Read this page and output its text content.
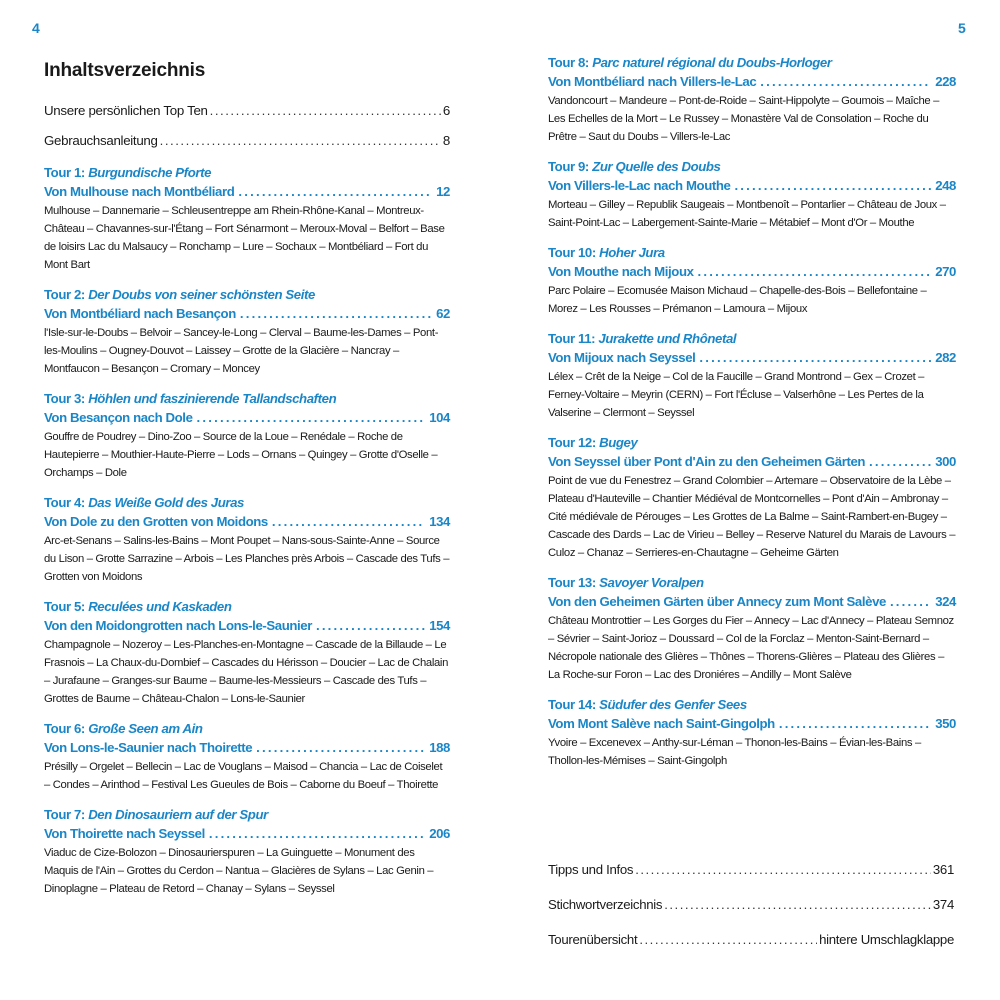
4	5
Inhaltsverzeichnis
Unsere persönlichen Top Ten .....	6
Gebrauchsanleitung .....	8
Tour 1: Burgundische Pforte
Von Mulhouse nach Montbéliard .....	12
Mulhouse – Dannemarie – Schleusentreppe am Rhein-Rhône-Kanal – Montreux-Château – Chavannes-sur-l'Étang – Fort Sénarmont – Meroux-Moval – Belfort – Base de loisirs Lac du Malsaucy – Ronchamp – Lure – Sochaux – Montbéliard – Fort du Mont Bart
Tour 2: Der Doubs von seiner schönsten Seite
Von Montbéliard nach Besançon .....	62
l'Isle-sur-le-Doubs – Belvoir – Sancey-le-Long – Clerval – Baume-les-Dames – Pont-les-Moulins – Ougney-Douvot – Laissey – Grotte de la Glacière – Nancray – Montfaucon – Besançon – Cromary – Moncey
Tour 3: Höhlen und faszinierende Tallandschaften
Von Besançon nach Dole .....	104
Gouffre de Poudrey – Dino-Zoo – Source de la Loue – Renédale – Roche de Hautepierre – Mouthier-Haute-Pierre – Lods – Ornans – Quingey – Grotte d'Oselle – Orchamps – Dole
Tour 4: Das Weiße Gold des Juras
Von Dole zu den Grotten von Moidons .....	134
Arc-et-Senans – Salins-les-Bains – Mont Poupet – Nans-sous-Sainte-Anne – Source du Lison – Grotte Sarrazine – Arbois – Les Planches près Arbois – Cascade des Tufs – Grotten von Moidons
Tour 5: Reculées und Kaskaden
Von den Moidongrotten nach Lons-le-Saunier .....	154
Champagnole – Nozeroy – Les-Planches-en-Montagne – Cascade de la Billaude – Le Frasnois – La Chaux-du-Dombief – Cascades du Hérisson – Doucier – Lac de Chalain – Jurafaune – Granges-sur Baume – Baume-les-Messieurs – Cascade des Tufs – Grottes de Baume – Château-Chalon – Lons-le-Saunier
Tour 6: Große Seen am Ain
Von Lons-le-Saunier nach Thoirette .....	188
Présilly – Orgelet – Bellecin – Lac de Vouglans – Maisod – Chancia – Lac de Coiselet – Condes – Arinthod – Festival Les Gueules de Bois – Caborne du Boeuf – Thoirette
Tour 7: Den Dinosauriern auf der Spur
Von Thoirette nach Seyssel .....	206
Viaduc de Cize-Bolozon – Dinosaurierspuren – La Guinguette – Monument des Maquis de l'Ain – Grottes du Cerdon – Nantua – Glacières de Sylans – Lac Genin – Dinoplagne – Plateau de Retord – Chanay – Sylans – Seyssel
Tour 8: Parc naturel régional du Doubs-Horloger
Von Montbéliard nach Villers-le-Lac .....	228
Vandoncourt – Mandeure – Pont-de-Roide – Saint-Hippolyte – Goumois – Maîche – Les Echelles de la Mort – Le Russey – Monastère Val de Consolation – Roche du Prêtre – Saut du Doubs – Villers-le-Lac
Tour 9: Zur Quelle des Doubs
Von Villers-le-Lac nach Mouthe .....	248
Morteau – Gilley – Republik Saugeais – Montbenoît – Pontarlier – Château de Joux – Saint-Point-Lac – Labergement-Sainte-Marie – Métabief – Mont d'Or – Mouthe
Tour 10: Hoher Jura
Von Mouthe nach Mijoux .....	270
Parc Polaire – Ecomusée Maison Michaud – Chapelle-des-Bois – Bellefontaine – Morez – Les Rousses – Prémanon – Lamoura – Mijoux
Tour 11: Jurakette und Rhônetal
Von Mijoux nach Seyssel .....	282
Lélex – Crêt de la Neige – Col de la Faucille – Grand Montrond – Gex – Crozet – Ferney-Voltaire – Meyrin (CERN) – Fort l'Écluse – Valserhône – Les Pertes de la Valserine – Clermont – Seyssel
Tour 12: Bugey
Von Seyssel über Pont d'Ain zu den Geheimen Gärten .....	300
Point de vue du Fenestrez – Grand Colombier – Artemare – Observatoire de la Lèbe – Plateau d'Hauteville – Chantier Médiéval de Montcornelles – Pont d'Ain – Ambronay – Cité médiévale de Pérouges – Les Grottes de La Balme – Saint-Rambert-en-Bugey – Cascade des Dards – Lac de Virieu – Belley – Reserve Naturel du Marais de Lavours – Culoz – Chanaz – Serrieres-en-Chautagne – Geheime Gärten
Tour 13: Savoyer Voralpen
Von den Geheimen Gärten über Annecy zum Mont Salève .....	324
Château Montrottier – Les Gorges du Fier – Annecy – Lac d'Annecy – Plateau Semnoz – Sévrier – Saint-Jorioz – Doussard – Col de la Forclaz – Menton-Saint-Bernard – Nécropole nationale des Glières – Thônes – Thorens-Glières – Plateau des Glières – La Roche-sur Foron – Lac des Droniéres – Andilly – Mont Salève
Tour 14: Südufer des Genfer Sees
Vom Mont Salève nach Saint-Gingolph .....	350
Yvoire – Excenevex – Anthy-sur-Léman – Thonon-les-Bains – Évian-les-Bains – Thollon-les-Mémises – Saint-Gingolph
Tipps und Infos .....	361
Stichwortverzeichnis .....	374
Tourenübersicht .....	hintere Umschlagklappe
